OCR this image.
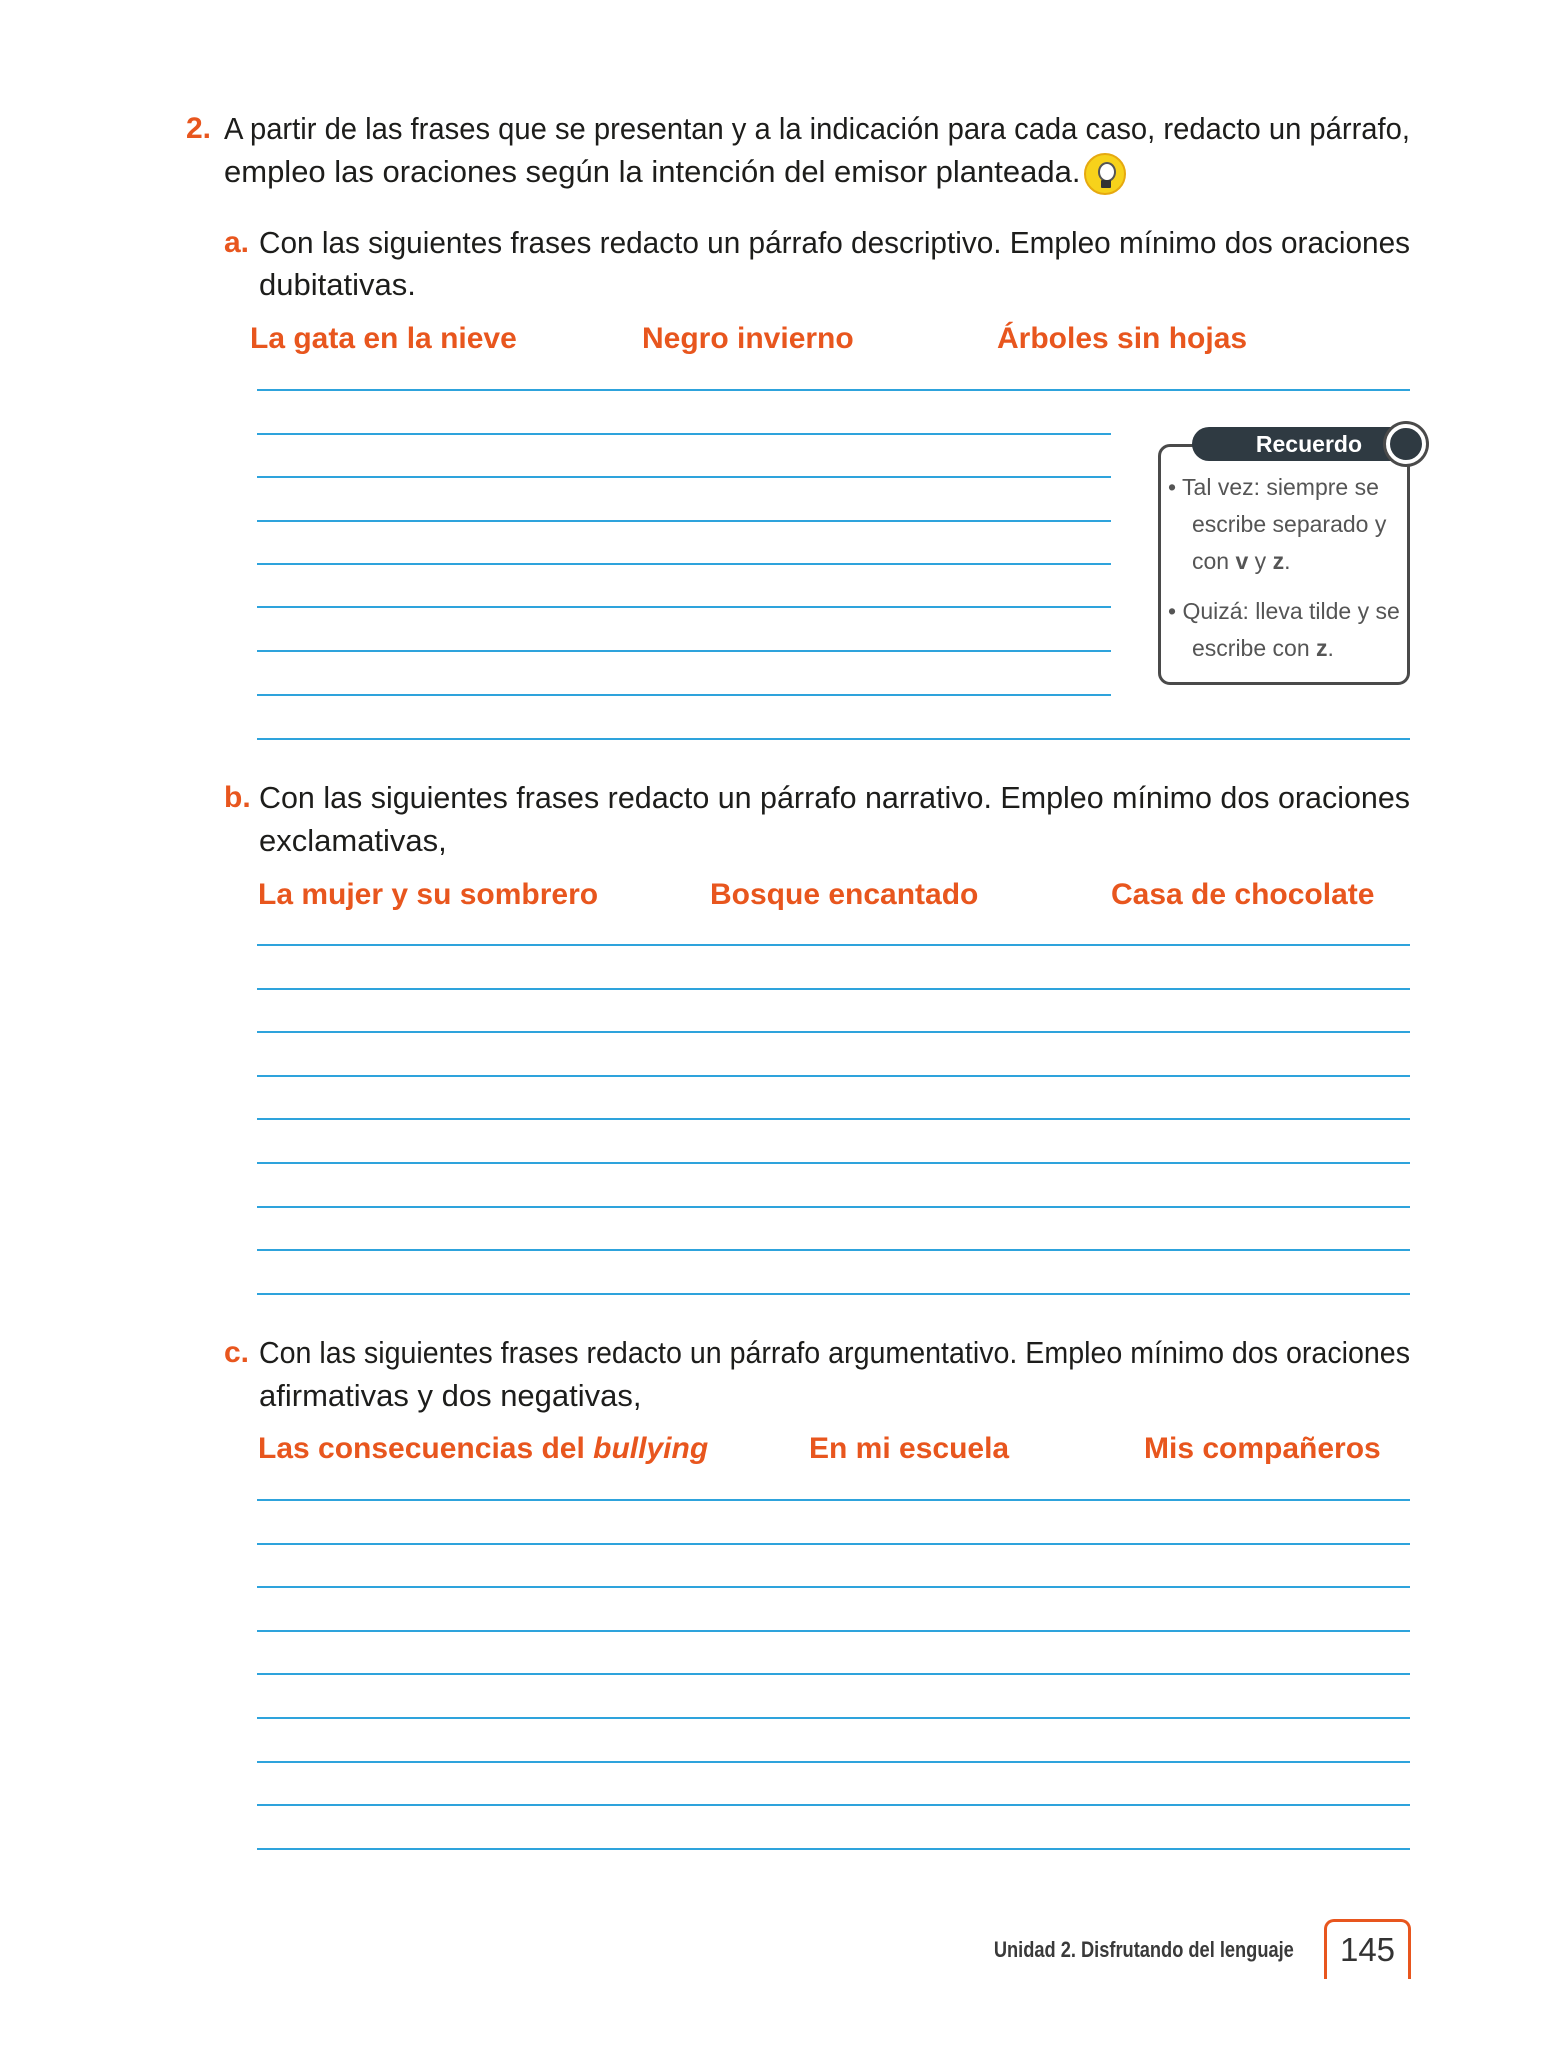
2. A partir de las frases que se presentan y a la indicación para cada caso, redacto un párrafo,
empleo las oraciones según la intención del emisor planteada.
a. Con las siguientes frases redacto un párrafo descriptivo. Empleo mínimo dos oraciones
dubitativas.
La gata en la nieve	Negro invierno	Árboles sin hojas
Recuerdo
• Tal vez: siempre se
escribe separado y
con v y z.
• Quizá: lleva tilde y se
escribe con z.
b. Con las siguientes frases redacto un párrafo narrativo. Empleo mínimo dos oraciones
exclamativas,
La mujer y su sombrero	Bosque encantado	Casa de chocolate
c. Con las siguientes frases redacto un párrafo argumentativo. Empleo mínimo dos oraciones
afirmativas y dos negativas,
Las consecuencias del bullying	En mi escuela	Mis compañeros
Unidad 2. Disfrutando del lenguaje	145
